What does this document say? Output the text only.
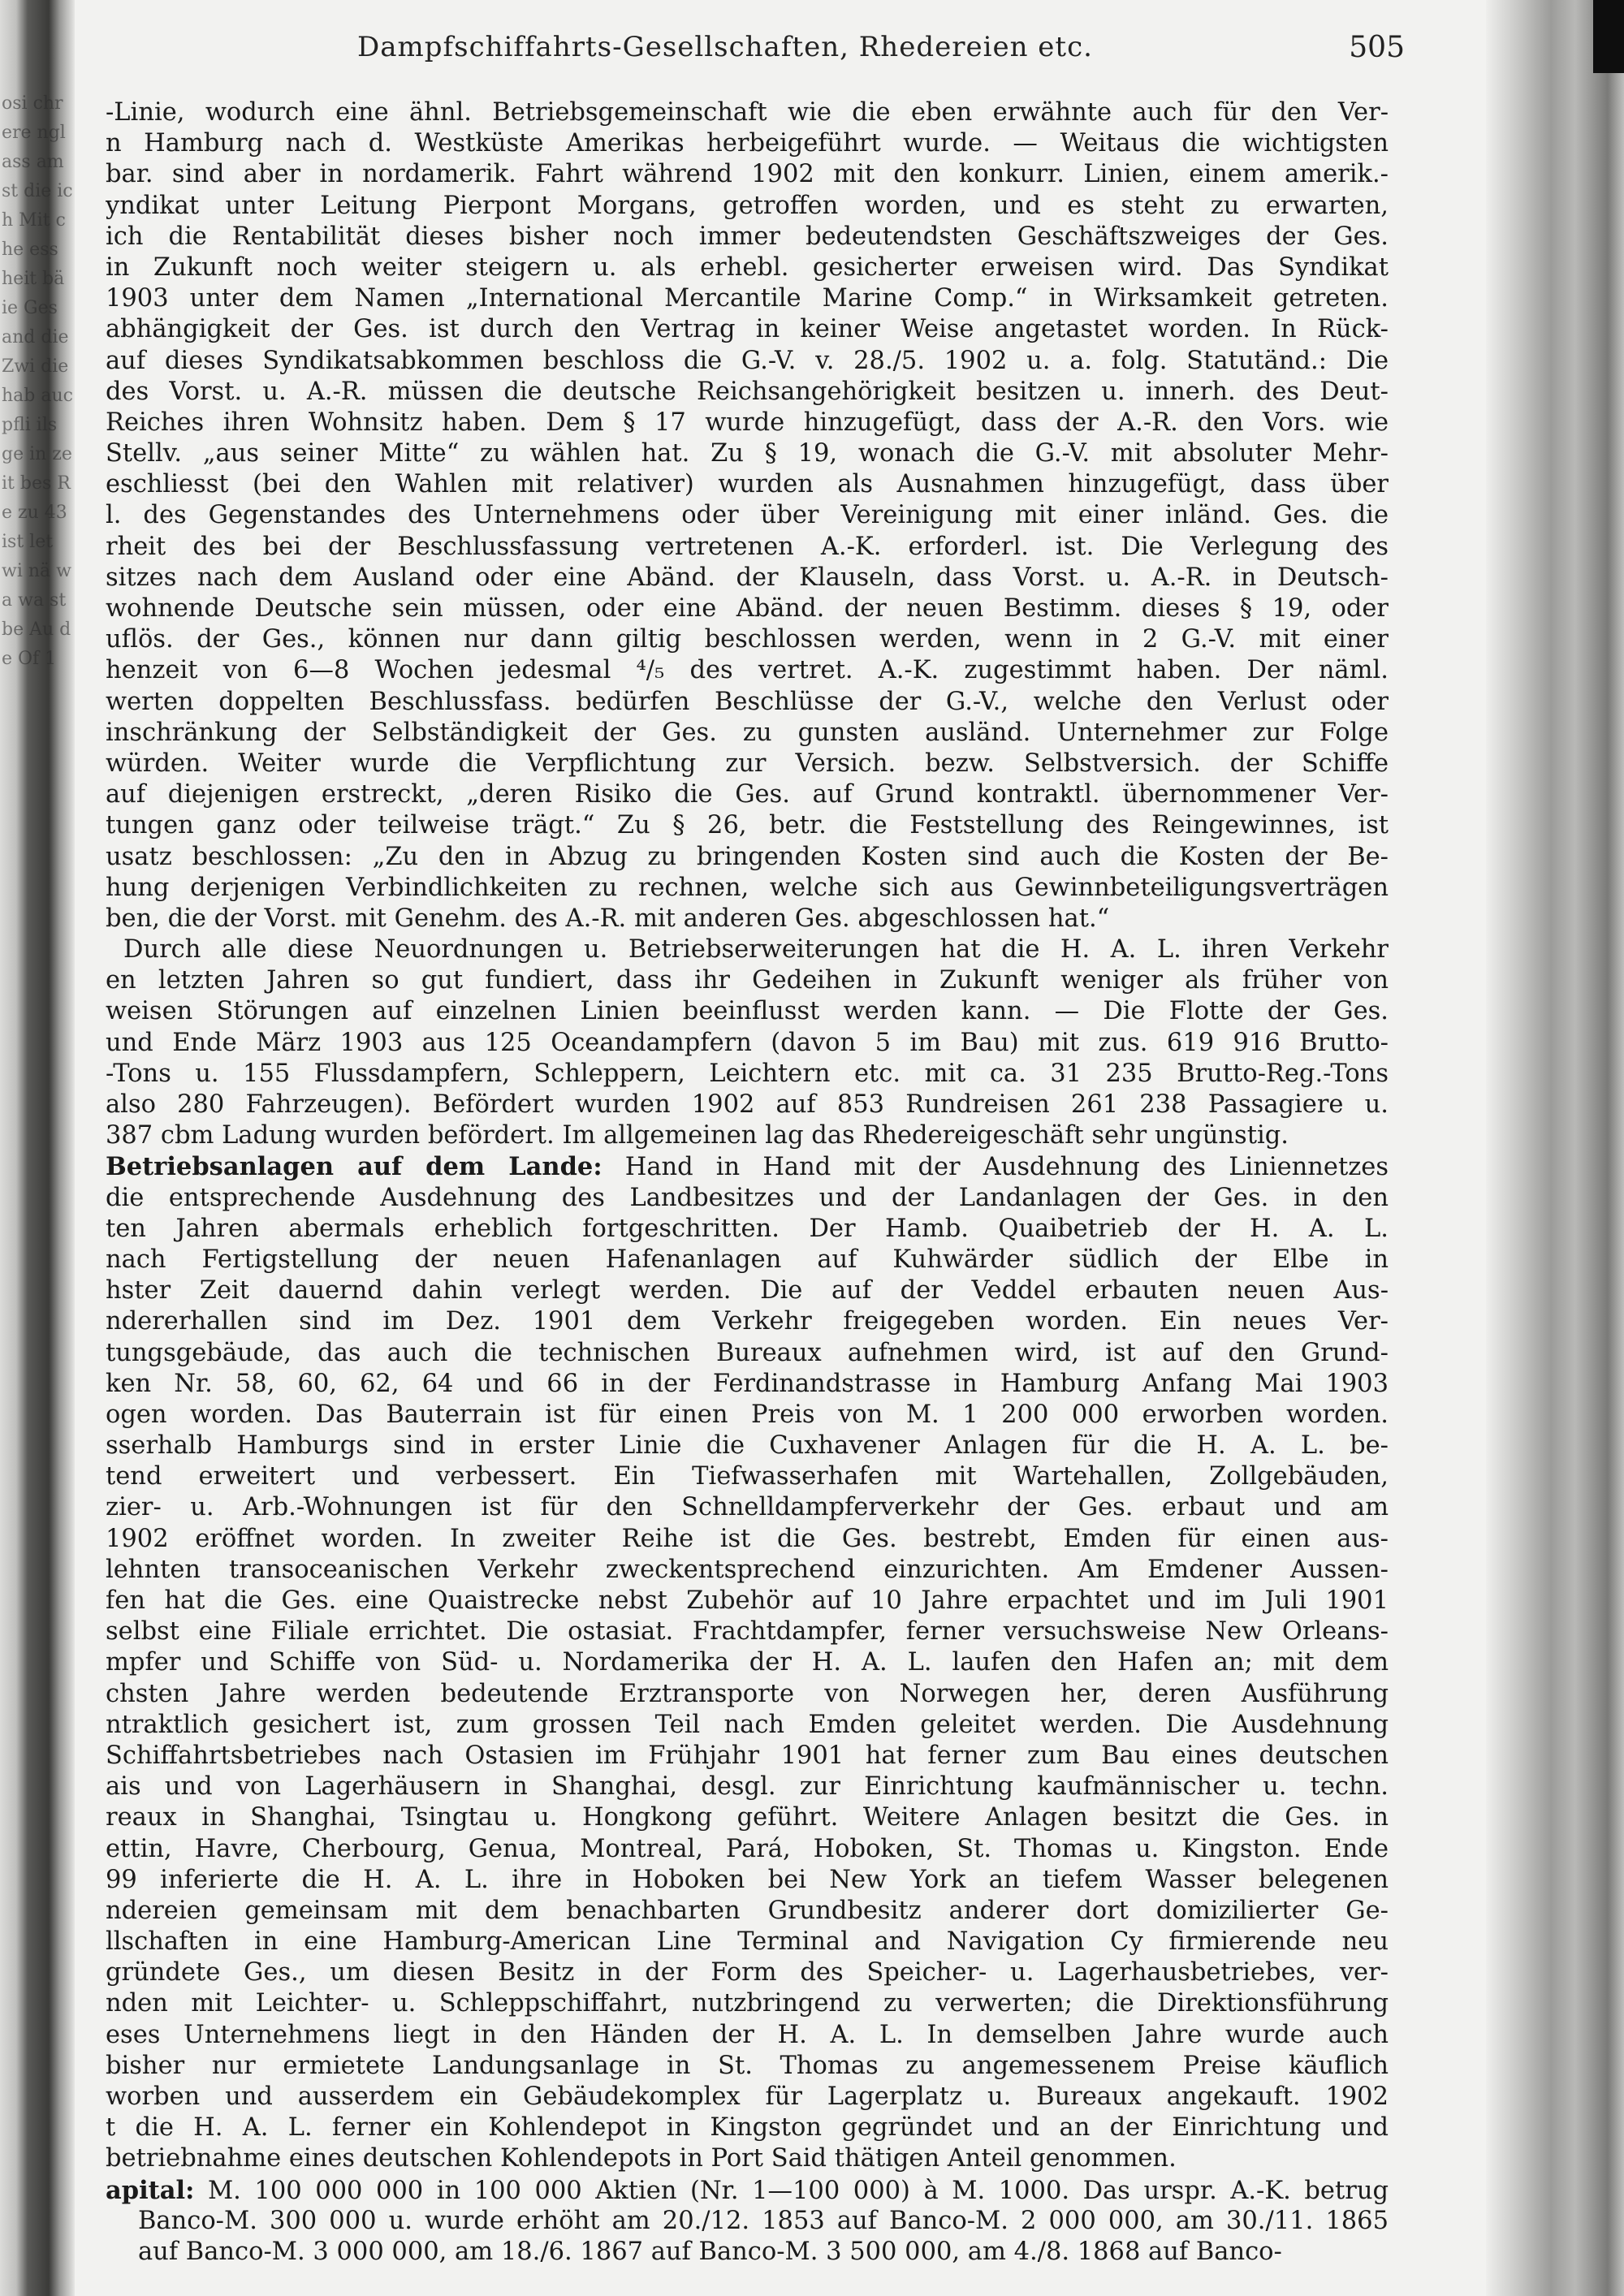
osi chr ere ngl ass am st die ich Mit che ess heit bä ie Ges and die Zwi die hab auc pfli ils ge in zeit bes Re zu 43 ist let wi nä wa wa st be Au de Of 1
Dampfschiffahrts-Gesellschaften, Rhedereien etc.	505
-Linie, wodurch eine ähnl. Betriebsgemeinschaft wie die eben erwähnte auch für den Ver-
n Hamburg nach d. Westküste Amerikas herbeigeführt wurde. — Weitaus die wichtigsten
bar. sind aber in nordamerik. Fahrt während 1902 mit den konkurr. Linien, einem amerik.-
yndikat unter Leitung Pierpont Morgans, getroffen worden, und es steht zu erwarten,
ich die Rentabilität dieses bisher noch immer bedeutendsten Geschäftszweiges der Ges.
in Zukunft noch weiter steigern u. als erhebl. gesicherter erweisen wird. Das Syndikat
1903 unter dem Namen „International Mercantile Marine Comp.“ in Wirksamkeit getreten.
abhängigkeit der Ges. ist durch den Vertrag in keiner Weise angetastet worden. In Rück-
auf dieses Syndikatsabkommen beschloss die G.-V. v. 28./5. 1902 u. a. folg. Statutänd.: Die
des Vorst. u. A.-R. müssen die deutsche Reichsangehörigkeit besitzen u. innerh. des Deut-
Reiches ihren Wohnsitz haben. Dem § 17 wurde hinzugefügt, dass der A.-R. den Vors. wie
Stellv. „aus seiner Mitte“ zu wählen hat. Zu § 19, wonach die G.-V. mit absoluter Mehr-
eschliesst (bei den Wahlen mit relativer) wurden als Ausnahmen hinzugefügt, dass über
l. des Gegenstandes des Unternehmens oder über Vereinigung mit einer inländ. Ges. die
rheit des bei der Beschlussfassung vertretenen A.-K. erforderl. ist. Die Verlegung des
sitzes nach dem Ausland oder eine Abänd. der Klauseln, dass Vorst. u. A.-R. in Deutsch-
wohnende Deutsche sein müssen, oder eine Abänd. der neuen Bestimm. dieses § 19, oder
uflös. der Ges., können nur dann giltig beschlossen werden, wenn in 2 G.-V. mit einer
henzeit von 6—8 Wochen jedesmal ⁴/₅ des vertret. A.-K. zugestimmt haben. Der näml.
werten doppelten Beschlussfass. bedürfen Beschlüsse der G.-V., welche den Verlust oder
inschränkung der Selbständigkeit der Ges. zu gunsten ausländ. Unternehmer zur Folge
würden. Weiter wurde die Verpflichtung zur Versich. bezw. Selbstversich. der Schiffe
auf diejenigen erstreckt, „deren Risiko die Ges. auf Grund kontraktl. übernommener Ver-
tungen ganz oder teilweise trägt.“ Zu § 26, betr. die Feststellung des Reingewinnes, ist
usatz beschlossen: „Zu den in Abzug zu bringenden Kosten sind auch die Kosten der Be-
hung derjenigen Verbindlichkeiten zu rechnen, welche sich aus Gewinnbeteiligungsverträgen
ben, die der Vorst. mit Genehm. des A.-R. mit anderen Ges. abgeschlossen hat.“
Durch alle diese Neuordnungen u. Betriebserweiterungen hat die H. A. L. ihren Verkehr
en letzten Jahren so gut fundiert, dass ihr Gedeihen in Zukunft weniger als früher von
weisen Störungen auf einzelnen Linien beeinflusst werden kann. — Die Flotte der Ges.
und Ende März 1903 aus 125 Oceandampfern (davon 5 im Bau) mit zus. 619 916 Brutto-
-Tons u. 155 Flussdampfern, Schleppern, Leichtern etc. mit ca. 31 235 Brutto-Reg.-Tons
also 280 Fahrzeugen). Befördert wurden 1902 auf 853 Rundreisen 261 238 Passagiere u.
387 cbm Ladung wurden befördert. Im allgemeinen lag das Rhedereigeschäft sehr ungünstig.
Betriebsanlagen auf dem Lande: Hand in Hand mit der Ausdehnung des Liniennetzes
die entsprechende Ausdehnung des Landbesitzes und der Landanlagen der Ges. in den
ten Jahren abermals erheblich fortgeschritten. Der Hamb. Quaibetrieb der H. A. L.
nach Fertigstellung der neuen Hafenanlagen auf Kuhwärder südlich der Elbe in
hster Zeit dauernd dahin verlegt werden. Die auf der Veddel erbauten neuen Aus-
ndererhallen sind im Dez. 1901 dem Verkehr freigegeben worden. Ein neues Ver-
tungsgebäude, das auch die technischen Bureaux aufnehmen wird, ist auf den Grund-
ken Nr. 58, 60, 62, 64 und 66 in der Ferdinandstrasse in Hamburg Anfang Mai 1903
ogen worden. Das Bauterrain ist für einen Preis von M. 1 200 000 erworben worden.
sserhalb Hamburgs sind in erster Linie die Cuxhavener Anlagen für die H. A. L. be-
tend erweitert und verbessert. Ein Tiefwasserhafen mit Wartehallen, Zollgebäuden,
zier- u. Arb.-Wohnungen ist für den Schnelldampferverkehr der Ges. erbaut und am
1902 eröffnet worden. In zweiter Reihe ist die Ges. bestrebt, Emden für einen aus-
lehnten transoceanischen Verkehr zweckentsprechend einzurichten. Am Emdener Aussen-
fen hat die Ges. eine Quaistrecke nebst Zubehör auf 10 Jahre erpachtet und im Juli 1901
selbst eine Filiale errichtet. Die ostasiat. Frachtdampfer, ferner versuchsweise New Orleans-
mpfer und Schiffe von Süd- u. Nordamerika der H. A. L. laufen den Hafen an; mit dem
chsten Jahre werden bedeutende Erztransporte von Norwegen her, deren Ausführung
ntraktlich gesichert ist, zum grossen Teil nach Emden geleitet werden. Die Ausdehnung
Schiffahrtsbetriebes nach Ostasien im Frühjahr 1901 hat ferner zum Bau eines deutschen
ais und von Lagerhäusern in Shanghai, desgl. zur Einrichtung kaufmännischer u. techn.
reaux in Shanghai, Tsingtau u. Hongkong geführt. Weitere Anlagen besitzt die Ges. in
ettin, Havre, Cherbourg, Genua, Montreal, Pará, Hoboken, St. Thomas u. Kingston. Ende
99 inferierte die H. A. L. ihre in Hoboken bei New York an tiefem Wasser belegenen
ndereien gemeinsam mit dem benachbarten Grundbesitz anderer dort domizilierter Ge-
llschaften in eine Hamburg-American Line Terminal and Navigation Cy firmierende neu
gründete Ges., um diesen Besitz in der Form des Speicher- u. Lagerhausbetriebes, ver-
nden mit Leichter- u. Schleppschiffahrt, nutzbringend zu verwerten; die Direktionsführung
eses Unternehmens liegt in den Händen der H. A. L. In demselben Jahre wurde auch
bisher nur ermietete Landungsanlage in St. Thomas zu angemessenem Preise käuflich
worben und ausserdem ein Gebäudekomplex für Lagerplatz u. Bureaux angekauft. 1902
t die H. A. L. ferner ein Kohlendepot in Kingston gegründet und an der Einrichtung und
betriebnahme eines deutschen Kohlendepots in Port Said thätigen Anteil genommen.
apital: M. 100 000 000 in 100 000 Aktien (Nr. 1—100 000) à M. 1000. Das urspr. A.-K. betrug
Banco-M. 300 000 u. wurde erhöht am 20./12. 1853 auf Banco-M. 2 000 000, am 30./11. 1865
auf Banco-M. 3 000 000, am 18./6. 1867 auf Banco-M. 3 500 000, am 4./8. 1868 auf Banco-
